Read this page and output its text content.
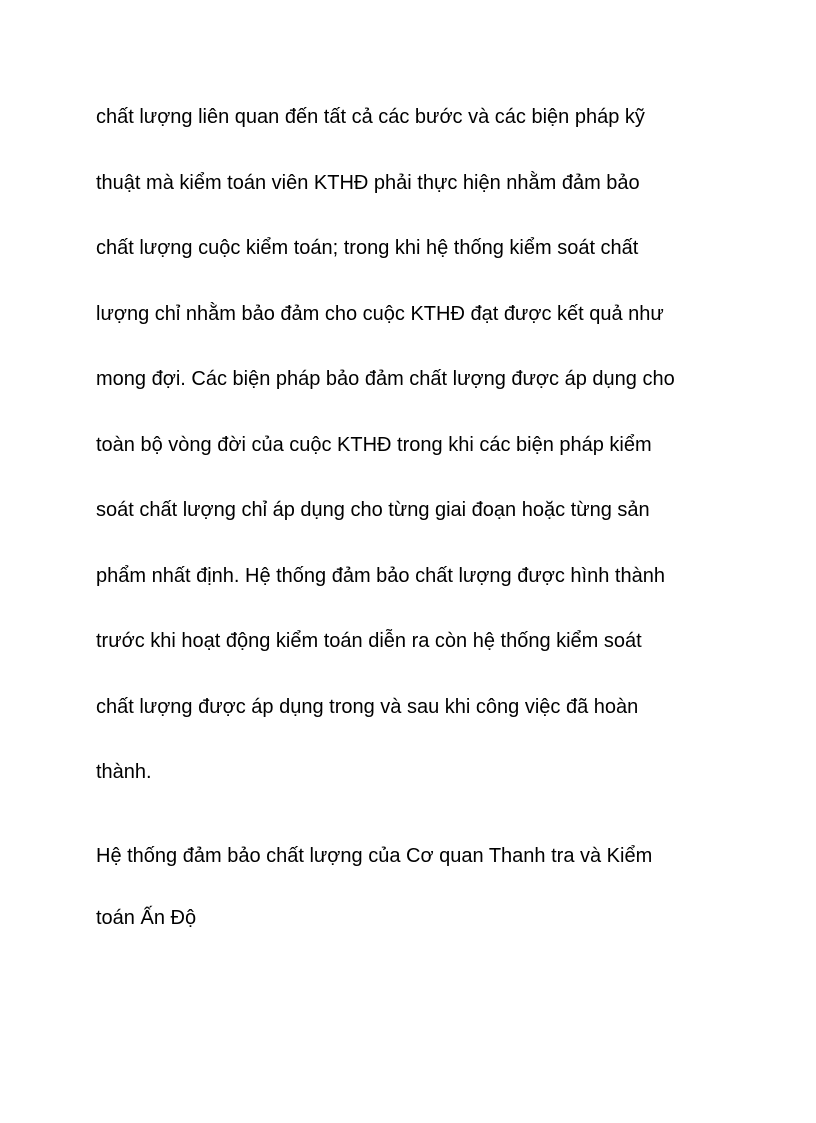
chất lượng liên quan đến tất cả các bước và các biện pháp kỹ
thuật mà kiểm toán viên KTHĐ phải thực hiện nhằm đảm bảo
chất lượng cuộc kiểm toán; trong khi hệ thống kiểm soát chất
lượng chỉ nhằm bảo đảm cho cuộc KTHĐ đạt được kết quả như
mong đợi. Các biện pháp bảo đảm chất lượng được áp dụng cho
toàn bộ vòng đời của cuộc KTHĐ trong khi các biện pháp kiểm
soát chất lượng chỉ áp dụng cho từng giai đoạn hoặc từng sản
phẩm nhất định. Hệ thống đảm bảo chất lượng được hình thành
trước khi hoạt động kiểm toán diễn ra còn hệ thống kiểm soát
chất lượng được áp dụng trong và sau khi công việc đã hoàn
thành.
Hệ thống đảm bảo chất lượng của Cơ quan Thanh tra và Kiểm
toán Ấn Độ
